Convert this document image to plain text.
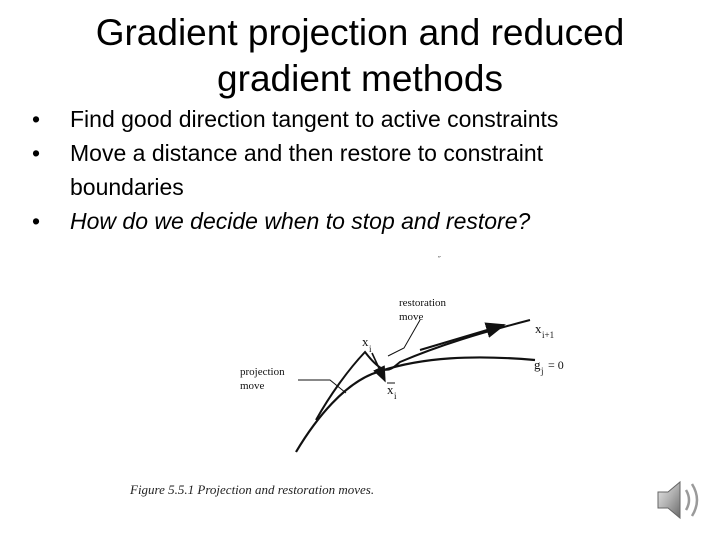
Gradient projection and reduced
gradient methods
• Find good direction tangent to active constraints
• Move a distance and then restore to constraint
boundaries
• How do we decide when to stop and restore?
˝
restoration
move
projection
move
x i
x i+1
g j = 0
x i
Figure 5.5.1 Projection and restoration moves.
